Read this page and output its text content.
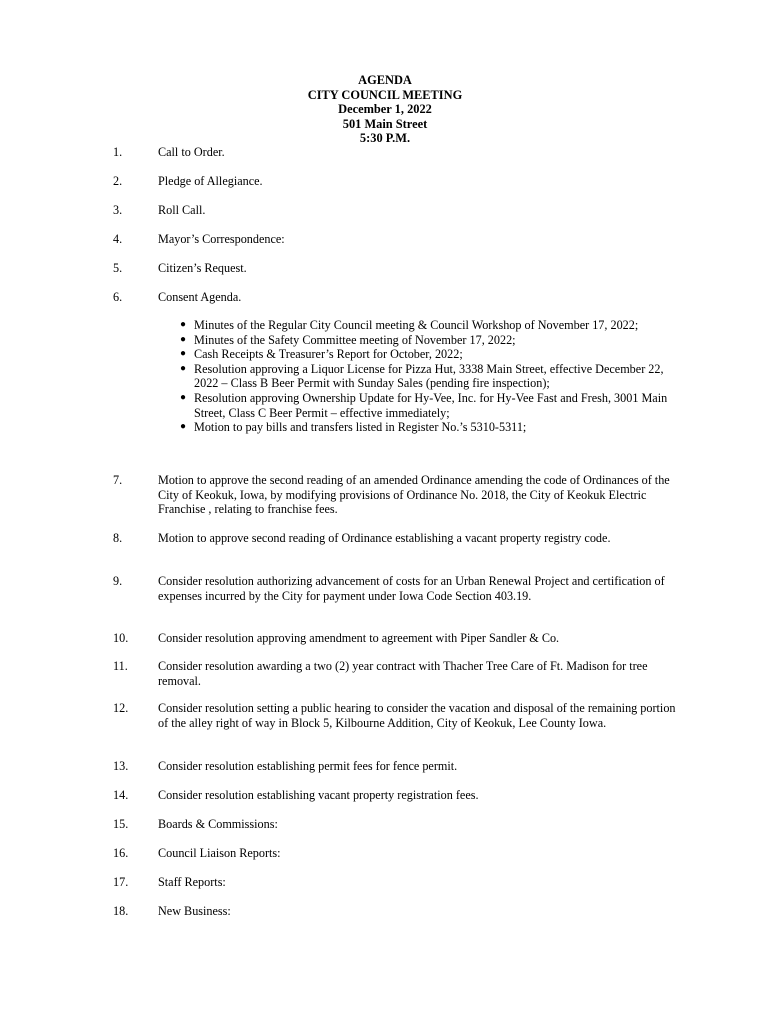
AGENDA
CITY COUNCIL MEETING
December 1, 2022
501 Main Street
5:30 P.M.
1.	Call to Order.
2.	Pledge of Allegiance.
3.	Roll Call.
4.	Mayor’s Correspondence:
5.	Citizen’s Request.
6.	Consent Agenda.
● Minutes of the Regular City Council meeting & Council Workshop of November 17, 2022;
● Minutes of the Safety Committee meeting of November 17, 2022;
● Cash Receipts & Treasurer’s Report for October, 2022;
● Resolution approving a Liquor License for Pizza Hut, 3338 Main Street, effective December 22, 2022 – Class B Beer Permit with Sunday Sales (pending fire inspection);
● Resolution approving Ownership Update for Hy-Vee, Inc. for Hy-Vee Fast and Fresh, 3001 Main Street, Class C Beer Permit – effective immediately;
● Motion to pay bills and transfers listed in Register No.’s 5310-5311;
7.	Motion to approve the second reading of an amended Ordinance amending the code of Ordinances of the City of Keokuk, Iowa, by modifying provisions of Ordinance No. 2018, the City of Keokuk Electric Franchise , relating to franchise fees.
8.	Motion to approve second reading of Ordinance establishing a vacant property registry code.
9.	Consider resolution authorizing advancement of costs for an Urban Renewal Project and certification of expenses incurred by the City for payment under Iowa Code Section 403.19.
10. Consider resolution approving amendment to agreement with Piper Sandler & Co.
11. Consider resolution awarding a two (2) year contract with Thacher Tree Care of Ft. Madison for tree removal.
12. Consider resolution setting a public hearing to consider the vacation and disposal of the remaining portion of the alley right of way in Block 5, Kilbourne Addition, City of Keokuk, Lee County Iowa.
13. Consider resolution establishing permit fees for fence permit.
14. Consider resolution establishing vacant property registration fees.
15. Boards & Commissions:
16. Council Liaison Reports:
17. Staff Reports:
18. New Business:
